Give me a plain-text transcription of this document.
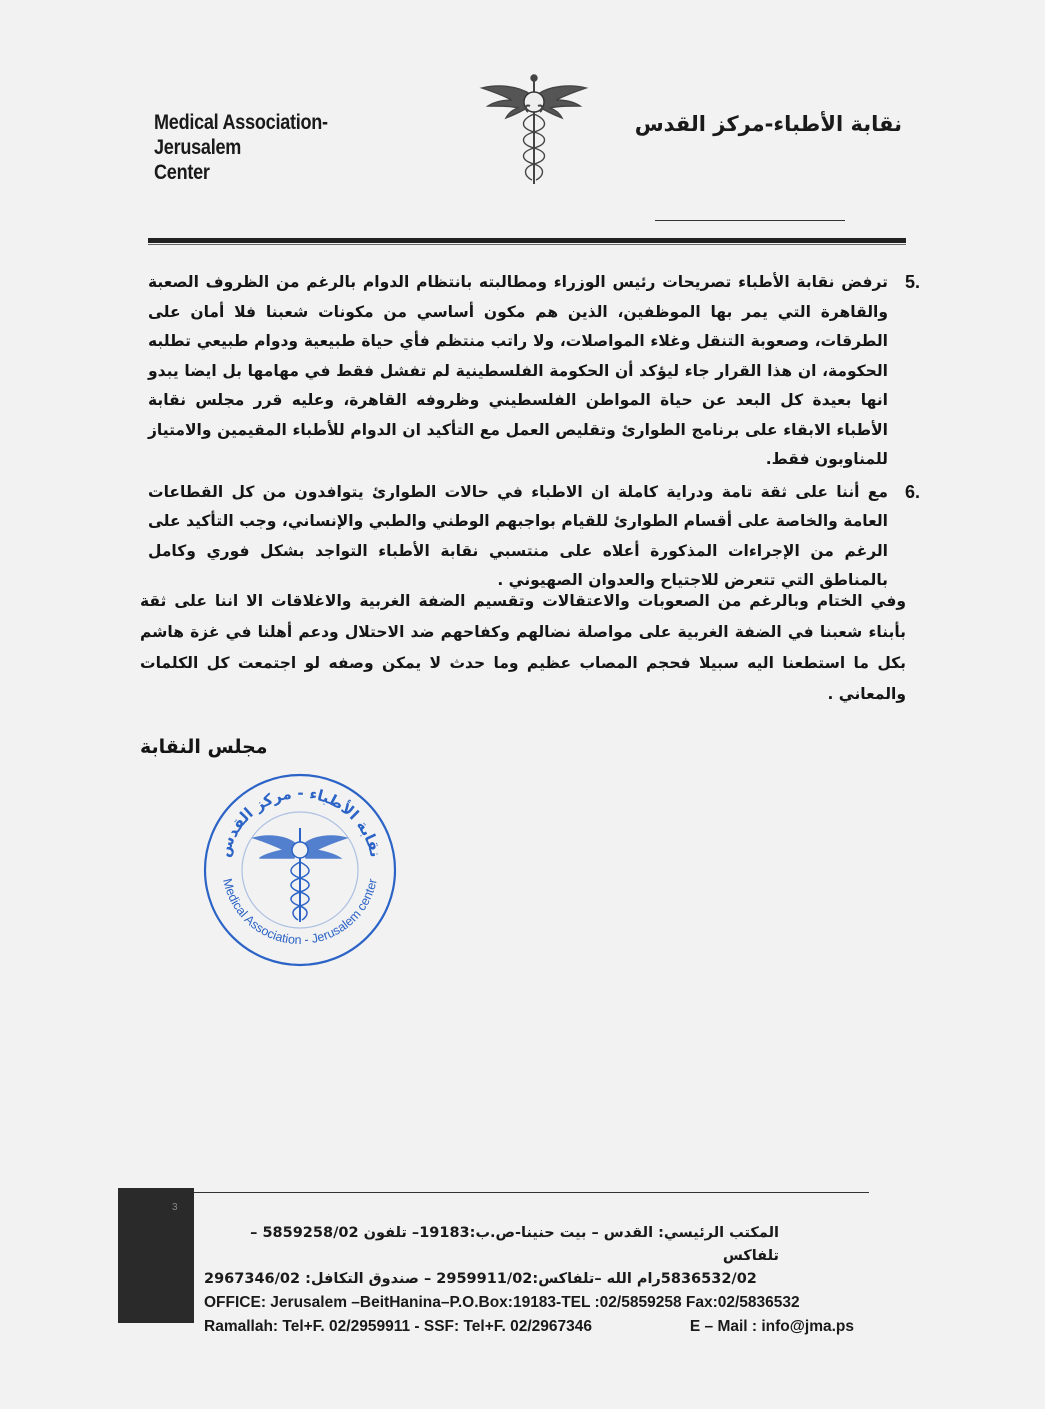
Medical Association-Jerusalem
Center
نقابة الأطباء-مركز القدس
5.
ترفض نقابة الأطباء تصريحات رئيس الوزراء ومطالبته بانتظام الدوام بالرغم من الظروف الصعبة والقاهرة التي يمر بها الموظفين، الذين هم مكون أساسي من مكونات شعبنا فلا أمان على الطرقات، وصعوبة التنقل وغلاء المواصلات، ولا راتب منتظم فأي حياة طبيعية ودوام طبيعي تطلبه الحكومة، ان هذا القرار جاء ليؤكد أن الحكومة الفلسطينية لم تفشل فقط في مهامها بل ايضا يبدو انها بعيدة كل البعد عن حياة المواطن الفلسطيني وظروفه القاهرة، وعليه قرر مجلس نقابة الأطباء الابقاء على برنامج الطوارئ وتقليص العمل مع التأكيد ان الدوام للأطباء المقيمين والامتياز للمناوبون فقط.
6.
مع أننا على ثقة تامة ودراية كاملة ان الاطباء في حالات الطوارئ يتوافدون من كل القطاعات العامة والخاصة على أقسام الطوارئ للقيام بواجبهم الوطني والطبي والإنساني، وجب التأكيد على الرغم من الإجراءات المذكورة أعلاه على منتسبي نقابة الأطباء التواجد بشكل فوري وكامل بالمناطق التي تتعرض للاجتياح والعدوان الصهيوني .
وفي الختام وبالرغم من الصعوبات والاعتقالات وتقسيم الضفة الغربية والاغلاقات الا اننا على ثقة بأبناء شعبنا في الضفة الغربية على مواصلة نضالهم وكفاحهم ضد الاحتلال ودعم أهلنا في غزة هاشم بكل ما استطعنا اليه سبيلا فحجم المصاب عظيم وما حدث لا يمكن وصفه لو اجتمعت كل الكلمات والمعاني .
مجلس النقابة
نقابة الأطباء - مركز القدس
Medical Association - Jerusalem center
3
المكتب الرئيسي: القدس – بيت حنينا-ص.ب:19183– تلفون 5859258/02 – تلفاكس
5836532/02رام الله –تلفاكس:2959911/02 – صندوق التكافل: 2967346/02
OFFICE: Jerusalem –BeitHanina–P.O.Box:19183-TEL :02/5859258 Fax:02/5836532
Ramallah: Tel+F. 02/2959911 - SSF: Tel+F. 02/2967346	E – Mail : info@jma.ps
